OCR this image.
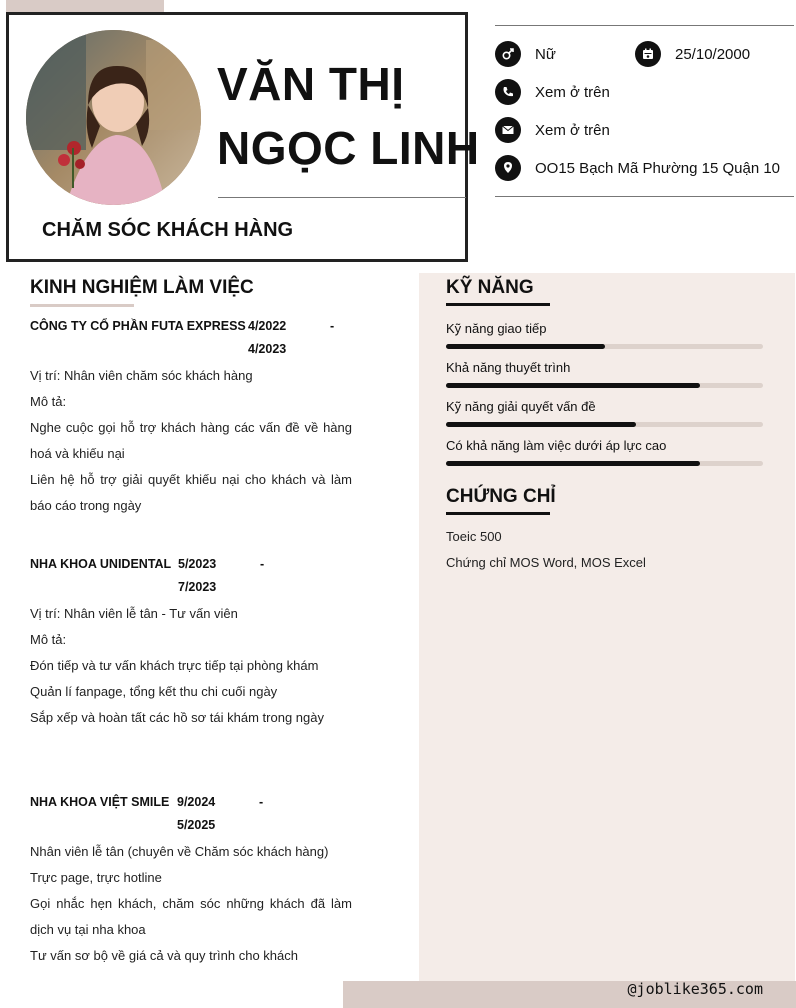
VĂN THỊ
NGỌC LINH
CHĂM SÓC KHÁCH HÀNG
Nữ	25/10/2000
Xem ở trên
Xem ở trên
OO15 Bạch Mã Phường 15 Quận 10
KINH NGHIỆM LÀM VIỆC
CÔNG TY CỔ PHẦN FUTA EXPRESS 4/2022	-
4/2023
Vị trí: Nhân viên chăm sóc khách hàng
Mô tả:
Nghe cuộc gọi hỗ trợ khách hàng các vấn đề về hàng hoá và khiếu nại
Liên hệ hỗ trợ giải quyết khiếu nại cho khách và làm báo cáo trong ngày
NHA KHOA UNIDENTAL 5/2023	-
7/2023
Vị trí: Nhân viên lễ tân - Tư vấn viên
Mô tả:
Đón tiếp và tư vấn khách trực tiếp tại phòng khám
Quản lí fanpage, tổng kết thu chi cuối ngày
Sắp xếp và hoàn tất các hồ sơ tái khám trong ngày
NHA KHOA VIỆT SMILE 9/2024	-
5/2025
Nhân viên lễ tân (chuyên về Chăm sóc khách hàng)
Trực page, trực hotline
Gọi nhắc hẹn khách, chăm sóc những khách đã làm dịch vụ tại nha khoa
Tư vấn sơ bộ về giá cả và quy trình cho khách
KỸ NĂNG
Kỹ năng giao tiếp
Khả năng thuyết trình
Kỹ năng giải quyết vấn đề
Có khả năng làm việc dưới áp lực cao
CHỨNG CHỈ
Toeic 500
Chứng chỉ MOS Word, MOS Excel
@joblike365.com
